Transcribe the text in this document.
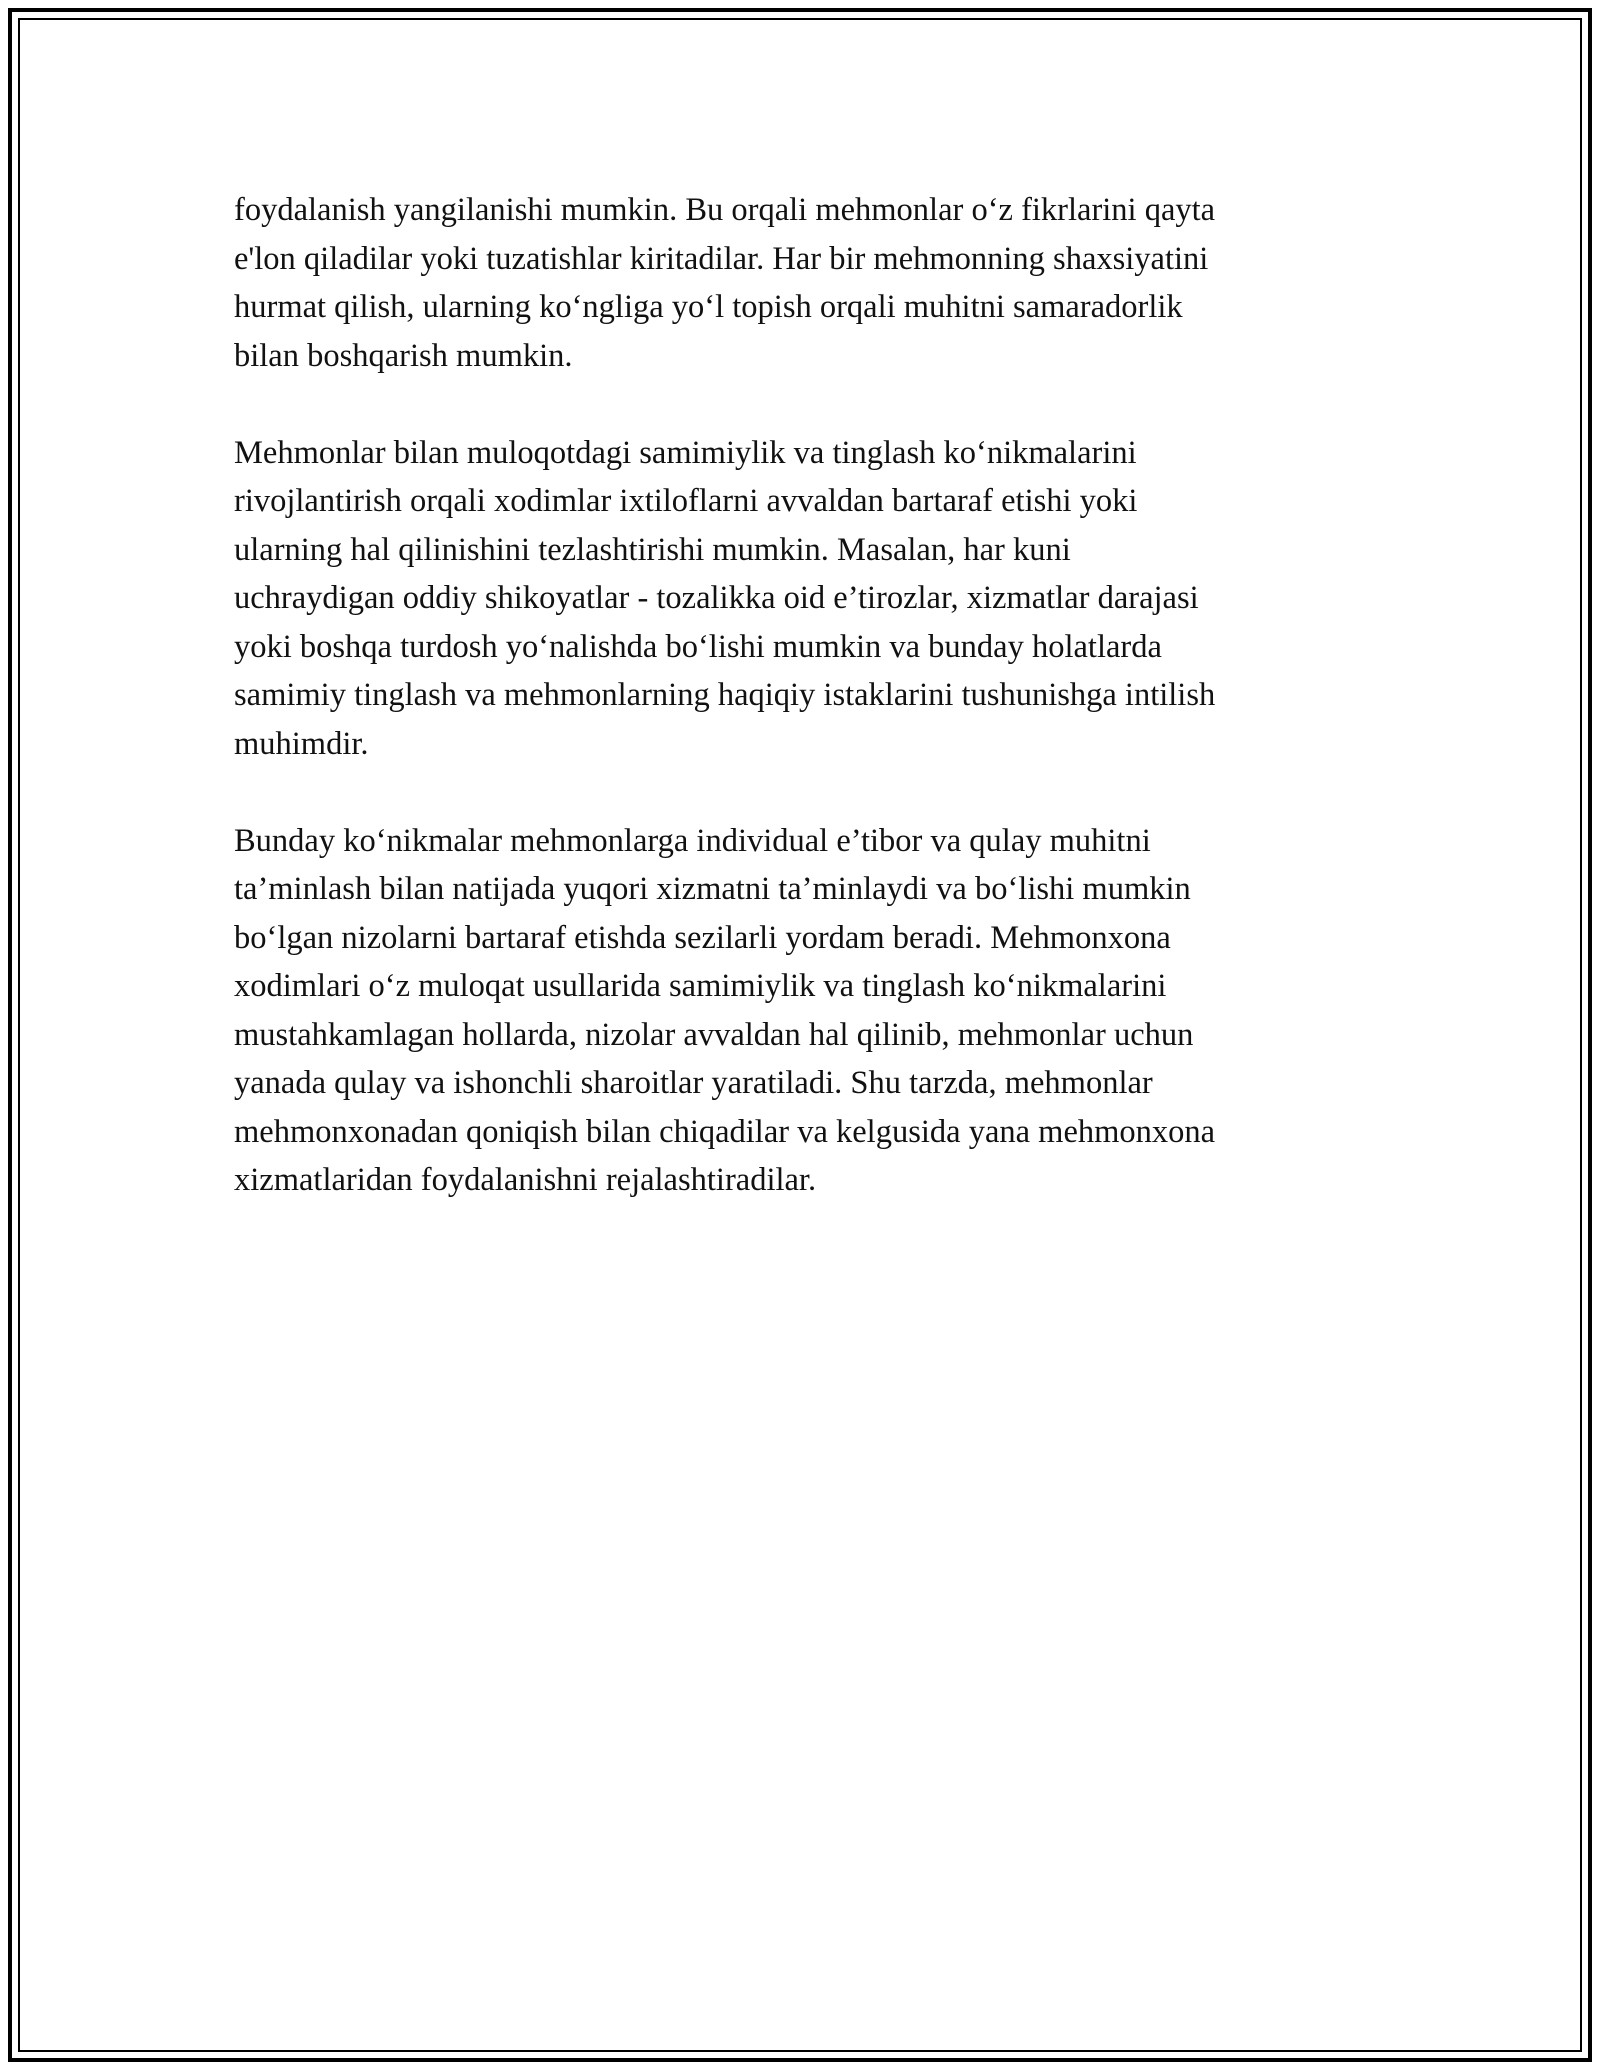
foydalanish yangilanishi mumkin. Bu orqali mehmonlar o‘z fikrlarini qayta
e'lon qiladilar yoki tuzatishlar kiritadilar. Har bir mehmonning shaxsiyatini
hurmat qilish, ularning ko‘ngliga yo‘l topish orqali muhitni samaradorlik
bilan boshqarish mumkin.

Mehmonlar bilan muloqotdagi samimiylik va tinglash ko‘nikmalarini
rivojlantirish orqali xodimlar ixtiloflarni avvaldan bartaraf etishi yoki
ularning hal qilinishini tezlashtirishi mumkin. Masalan, har kuni
uchraydigan oddiy shikoyatlar - tozalikka oid e’tirozlar, xizmatlar darajasi
yoki boshqa turdosh yo‘nalishda bo‘lishi mumkin va bunday holatlarda
samimiy tinglash va mehmonlarning haqiqiy istaklarini tushunishga intilish
muhimdir.

Bunday ko‘nikmalar mehmonlarga individual e’tibor va qulay muhitni
ta’minlash bilan natijada yuqori xizmatni ta’minlaydi va bo‘lishi mumkin
bo‘lgan nizolarni bartaraf etishda sezilarli yordam beradi. Mehmonxona
xodimlari o‘z muloqat usullarida samimiylik va tinglash ko‘nikmalarini
mustahkamlagan hollarda, nizolar avvaldan hal qilinib, mehmonlar uchun
yanada qulay va ishonchli sharoitlar yaratiladi. Shu tarzda, mehmonlar
mehmonxonadan qoniqish bilan chiqadilar va kelgusida yana mehmonxona
xizmatlaridan foydalanishni rejalashtiradilar.
